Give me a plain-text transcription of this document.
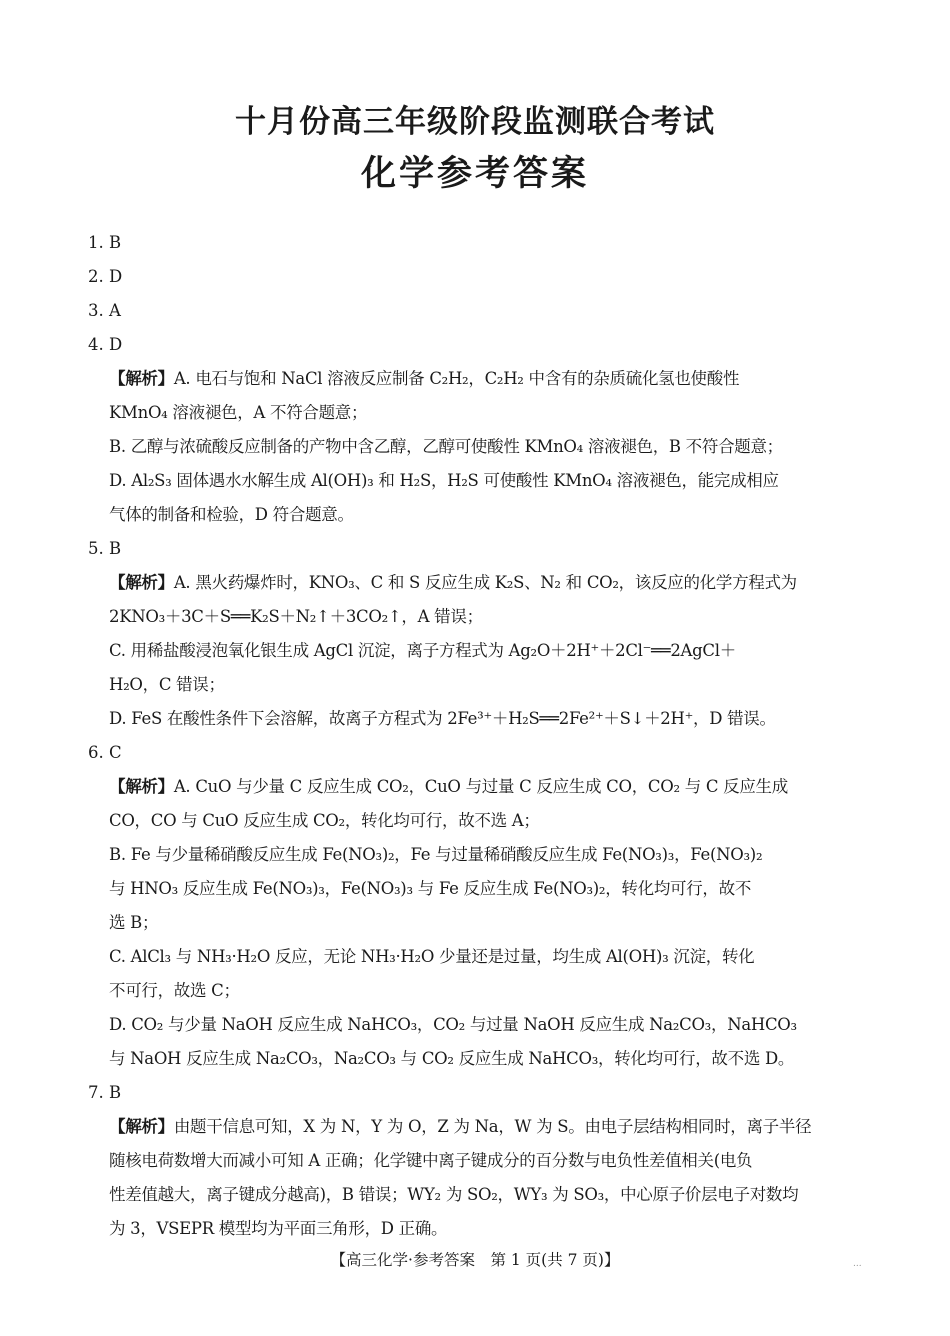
十月份高三年级阶段监测联合考试
化学参考答案

1. B

2. D

3. A

4. D

【解析】A. 电石与饱和 NaCl 溶液反应制备 C₂H₂，C₂H₂ 中含有的杂质硫化氢也使酸性

KMnO₄ 溶液褪色，A 不符合题意；

B. 乙醇与浓硫酸反应制备的产物中含乙醇，乙醇可使酸性 KMnO₄ 溶液褪色，B 不符合题意；

D. Al₂S₃ 固体遇水水解生成 Al(OH)₃ 和 H₂S，H₂S 可使酸性 KMnO₄ 溶液褪色，能完成相应

气体的制备和检验，D 符合题意。

5. B

【解析】A. 黑火药爆炸时，KNO₃、C 和 S 反应生成 K₂S、N₂ 和 CO₂，该反应的化学方程式为

2KNO₃＋3C＋S══K₂S＋N₂↑＋3CO₂↑，A 错误；

C. 用稀盐酸浸泡氧化银生成 AgCl 沉淀，离子方程式为 Ag₂O＋2H⁺＋2Cl⁻══2AgCl＋

H₂O，C 错误；

D. FeS 在酸性条件下会溶解，故离子方程式为 2Fe³⁺＋H₂S══2Fe²⁺＋S↓＋2H⁺，D 错误。

6. C

【解析】A. CuO 与少量 C 反应生成 CO₂，CuO 与过量 C 反应生成 CO，CO₂ 与 C 反应生成

CO，CO 与 CuO 反应生成 CO₂，转化均可行，故不选 A；

B. Fe 与少量稀硝酸反应生成 Fe(NO₃)₂，Fe 与过量稀硝酸反应生成 Fe(NO₃)₃，Fe(NO₃)₂

与 HNO₃ 反应生成 Fe(NO₃)₃，Fe(NO₃)₃ 与 Fe 反应生成 Fe(NO₃)₂，转化均可行，故不

选 B；

C. AlCl₃ 与 NH₃·H₂O 反应，无论 NH₃·H₂O 少量还是过量，均生成 Al(OH)₃ 沉淀，转化

不可行，故选 C；

D. CO₂ 与少量 NaOH 反应生成 NaHCO₃，CO₂ 与过量 NaOH 反应生成 Na₂CO₃，NaHCO₃

与 NaOH 反应生成 Na₂CO₃，Na₂CO₃ 与 CO₂ 反应生成 NaHCO₃，转化均可行，故不选 D。

7. B

【解析】由题干信息可知，X 为 N，Y 为 O，Z 为 Na，W 为 S。由电子层结构相同时，离子半径

随核电荷数增大而减小可知 A 正确；化学键中离子键成分的百分数与电负性差值相关(电负

性差值越大，离子键成分越高)，B 错误；WY₂ 为 SO₂，WY₃ 为 SO₃，中心原子价层电子对数均

为 3，VSEPR 模型均为平面三角形，D 正确。

【高三化学·参考答案　第 1 页(共 7 页)】	...
